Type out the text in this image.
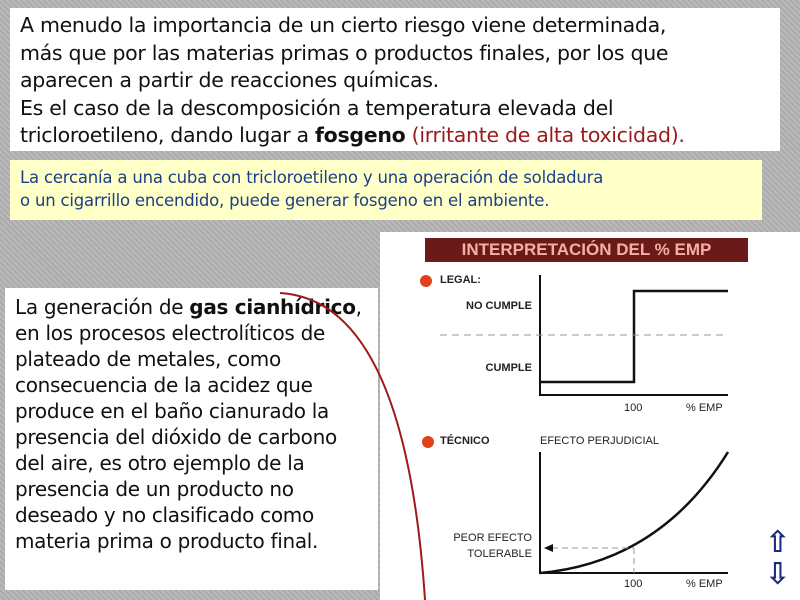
A menudo la importancia de un cierto riesgo viene determinada,
más que por las materias primas o productos finales, por los que
aparecen a partir de reacciones químicas.
Es el caso de la descomposición a temperatura elevada del
tricloroetileno, dando lugar a fosgeno (irritante de alta toxicidad).
La cercanía a una cuba con tricloroetileno y una operación de soldadura
o un cigarrillo encendido, puede generar fosgeno en el ambiente.
La generación de gas cianhídrico, en los procesos electrolíticos de plateado de metales, como consecuencia de la acidez que produce en el baño cianurado la presencia del dióxido de carbono del aire, es otro ejemplo de la presencia de un producto no deseado y no clasificado como materia prima o producto final.
INTERPRETACIÓN DEL % EMP
LEGAL:
NO CUMPLE
CUMPLE
100	% EMP
TÉCNICO	EFECTO PERJUDICIAL
PEOR EFECTO
TOLERABLE
100	% EMP
⇧
⇩
